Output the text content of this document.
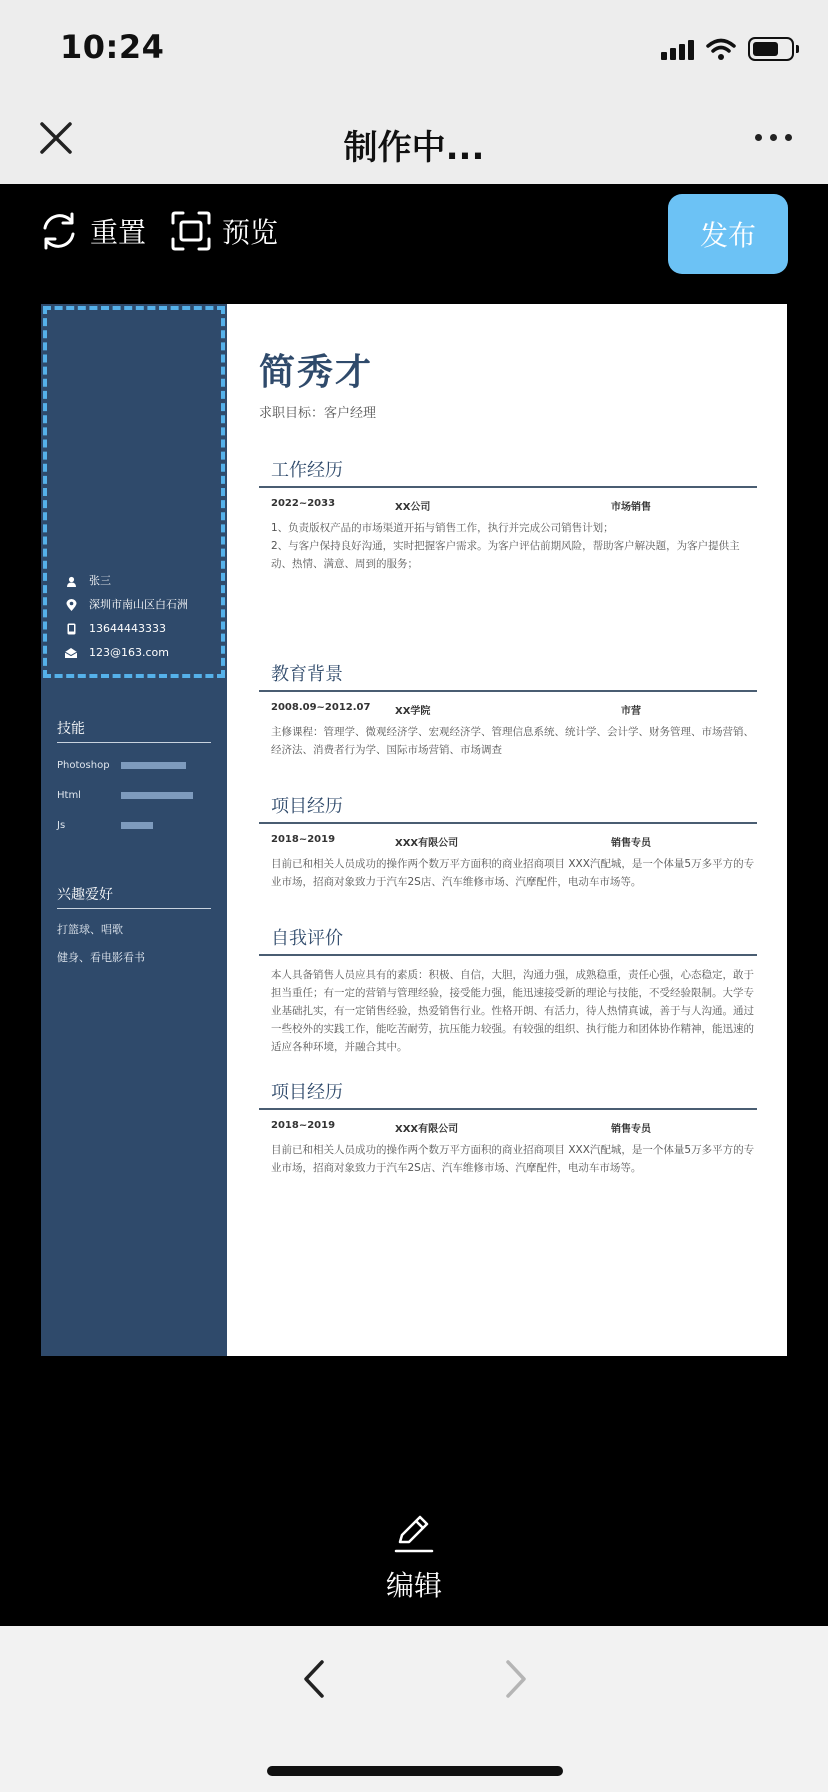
10:24
制作中...
重置	预览	发布
张三
深圳市南山区白石洲
13644443333
123@163.com
技能
Photoshop
Html
Js
兴趣爱好
打篮球、唱歌
健身、看电影看书
简秀才
求职目标：客户经理
工作经历
2022~2033	XX公司	市场销售

1、负责版权产品的市场渠道开拓与销售工作，执行并完成公司销售计划；

2、与客户保持良好沟通，实时把握客户需求。为客户评估前期风险，帮助客户解决题，为客户提供主动、热情、满意、周到的服务；

教育背景
2008.09~2012.07	XX学院	市营

主修课程：管理学、微观经济学、宏观经济学、管理信息系统、统计学、会计学、财务管理、市场营销、经济法、消费者行为学、国际市场营销、市场调查

项目经历
2018~2019	XXX有限公司	销售专员

目前已和相关人员成功的操作两个数万平方面积的商业招商项目 XXX汽配城，是一个体量5万多平方的专业市场，招商对象致力于汽车2S店、汽车维修市场、汽摩配件，电动车市场等。

自我评价

本人具备销售人员应具有的素质：积极、自信，大胆，沟通力强，成熟稳重，责任心强，心态稳定，敢于担当重任；有一定的营销与管理经验，接受能力强，能迅速接受新的理论与技能，不受经验限制。大学专业基础扎实，有一定销售经验，热爱销售行业。性格开朗、有活力，待人热情真诚，善于与人沟通。通过一些校外的实践工作，能吃苦耐劳，抗压能力较强。有较强的组织、执行能力和团体协作精神，能迅速的适应各种环境，并融合其中。

项目经历
2018~2019	XXX有限公司	销售专员

目前已和相关人员成功的操作两个数万平方面积的商业招商项目 XXX汽配城，是一个体量5万多平方的专业市场，招商对象致力于汽车2S店、汽车维修市场、汽摩配件，电动车市场等。

编辑
